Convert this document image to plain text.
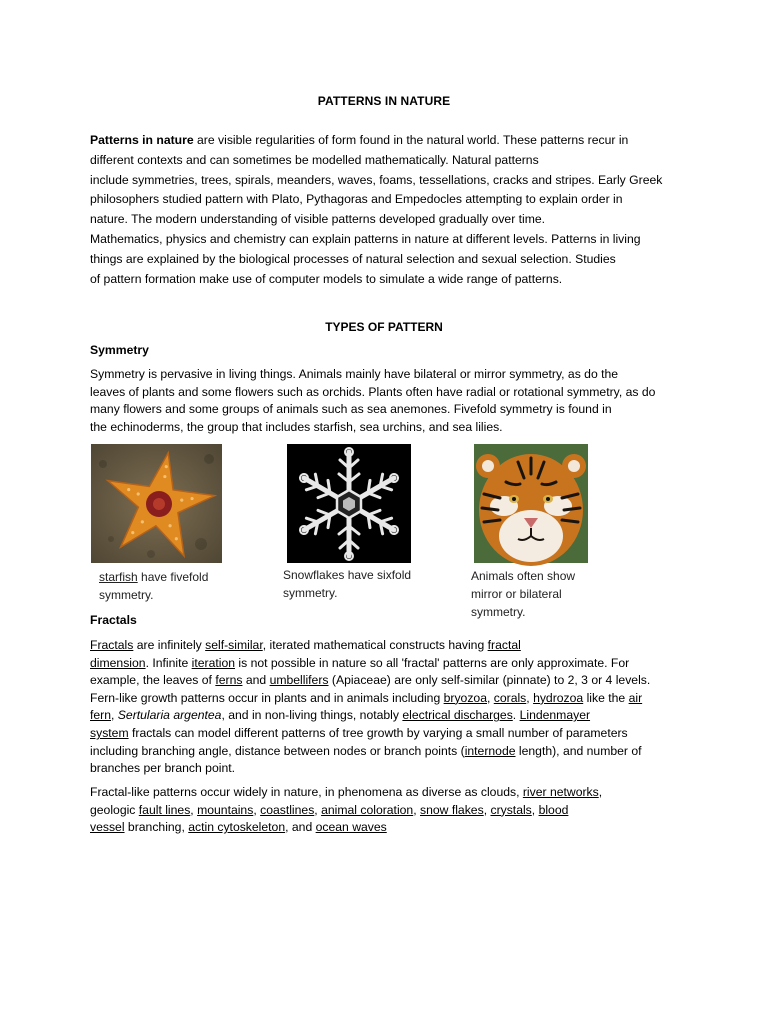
PATTERNS IN NATURE

Patterns in nature are visible regularities of form found in the natural world. These patterns recur in
different contexts and can sometimes be modelled mathematically. Natural patterns
include symmetries, trees, spirals, meanders, waves, foams, tessellations, cracks and stripes. Early Greek
philosophers studied pattern with Plato, Pythagoras and Empedocles attempting to explain order in
nature. The modern understanding of visible patterns developed gradually over time.
Mathematics, physics and chemistry can explain patterns in nature at different levels. Patterns in living
things are explained by the biological processes of natural selection and sexual selection. Studies
of pattern formation make use of computer models to simulate a wide range of patterns.

TYPES OF PATTERN
Symmetry

Symmetry is pervasive in living things. Animals mainly have bilateral or mirror symmetry, as do the
leaves of plants and some flowers such as orchids. Plants often have radial or rotational symmetry, as do
many flowers and some groups of animals such as sea anemones. Fivefold symmetry is found in
the echinoderms, the group that includes starfish, sea urchins, and sea lilies.

starfish have fivefold
symmetry.
Snowflakes have sixfold
symmetry.
Animals often show
mirror or bilateral
symmetry.
Fractals

Fractals are infinitely self-similar, iterated mathematical constructs having fractal
dimension. Infinite iteration is not possible in nature so all 'fractal' patterns are only approximate. For
example, the leaves of ferns and umbellifers (Apiaceae) are only self-similar (pinnate) to 2, 3 or 4 levels.
Fern-like growth patterns occur in plants and in animals including bryozoa, corals, hydrozoa like the air
fern, Sertularia argentea, and in non-living things, notably electrical discharges. Lindenmayer
system fractals can model different patterns of tree growth by varying a small number of parameters
including branching angle, distance between nodes or branch points (internode length), and number of
branches per branch point.

Fractal-like patterns occur widely in nature, in phenomena as diverse as clouds, river networks,
geologic fault lines, mountains, coastlines, animal coloration, snow flakes, crystals, blood
vessel branching, actin cytoskeleton, and ocean waves
